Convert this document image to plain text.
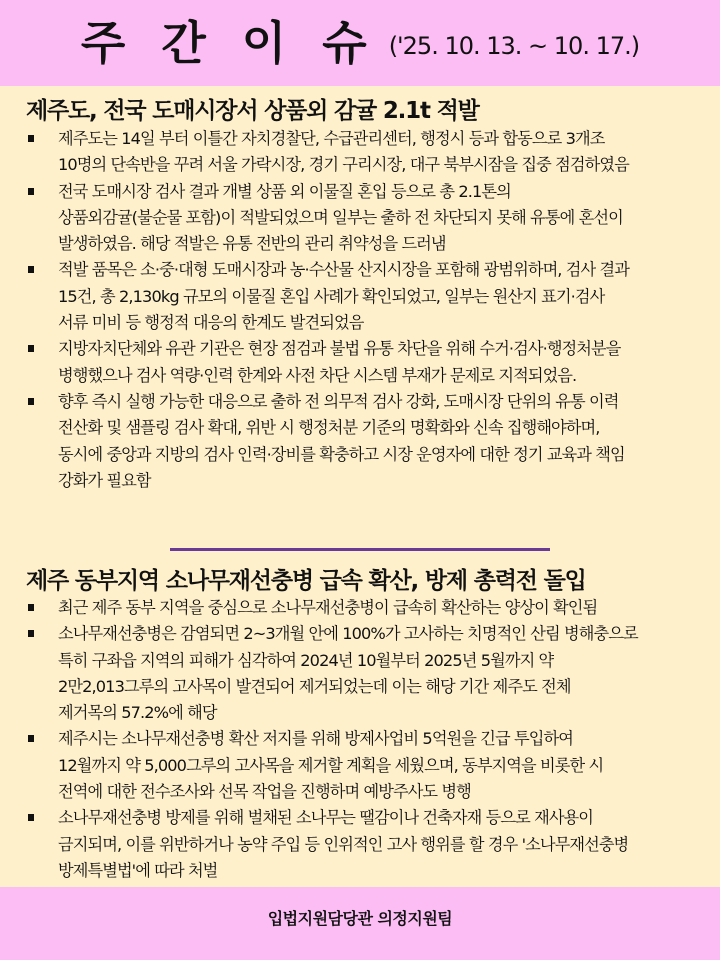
주 간 이 슈 ('25. 10. 13. ~ 10. 17.)
제주도, 전국 도매시장서 상품외 감귤 2.1t 적발
제주도는 14일 부터 이틀간 자치경찰단, 수급관리센터, 행정시 등과 합동으로 3개조
10명의 단속반을 꾸려 서울 가락시장, 경기 구리시장, 대구 북부시잠을 집중 점검하였음
전국 도매시장 검사 결과 개별 상품 외 이물질 혼입 등으로 총 2.1톤의
상품외감귤(불순물 포함)이 적발되었으며 일부는 출하 전 차단되지 못해 유통에 혼선이
발생하였음. 해당 적발은 유통 전반의 관리 취약성을 드러냄
적발 품목은 소·중·대형 도매시장과 농·수산물 산지시장을 포함해 광범위하며, 검사 결과
15건, 총 2,130kg 규모의 이물질 혼입 사례가 확인되었고, 일부는 원산지 표기·검사
서류 미비 등 행정적 대응의 한계도 발견되었음
지방자치단체와 유관 기관은 현장 점검과 불법 유통 차단을 위해 수거·검사·행정처분을
병행했으나 검사 역량·인력 한계와 사전 차단 시스템 부재가 문제로 지적되었음.
향후 즉시 실행 가능한 대응으로 출하 전 의무적 검사 강화, 도매시장 단위의 유통 이력
전산화 및 샘플링 검사 확대, 위반 시 행정처분 기준의 명확화와 신속 집행해야하며,
동시에 중앙과 지방의 검사 인력·장비를 확충하고 시장 운영자에 대한 정기 교육과 책임
강화가 필요함
제주 동부지역 소나무재선충병 급속 확산, 방제 총력전 돌입
최근 제주 동부 지역을 중심으로 소나무재선충병이 급속히 확산하는 양상이 확인됨
소나무재선충병은 감염되면 2~3개월 안에 100%가 고사하는 치명적인 산림 병해충으로
특히 구좌읍 지역의 피해가 심각하여 2024년 10월부터 2025년 5월까지 약
2만2,013그루의 고사목이 발견되어 제거되었는데 이는 해당 기간 제주도 전체
제거목의 57.2%에 해당
제주시는 소나무재선충병 확산 저지를 위해 방제사업비 5억원을 긴급 투입하여
12월까지 약 5,000그루의 고사목을 제거할 계획을 세웠으며, 동부지역을 비롯한 시
전역에 대한 전수조사와 선목 작업을 진행하며 예방주사도 병행
소나무재선충병 방제를 위해 벌채된 소나무는 땔감이나 건축자재 등으로 재사용이
금지되며, 이를 위반하거나 농약 주입 등 인위적인 고사 행위를 할 경우 '소나무재선충병
방제특별법'에 따라 처벌
입법지원담당관 의정지원팀
